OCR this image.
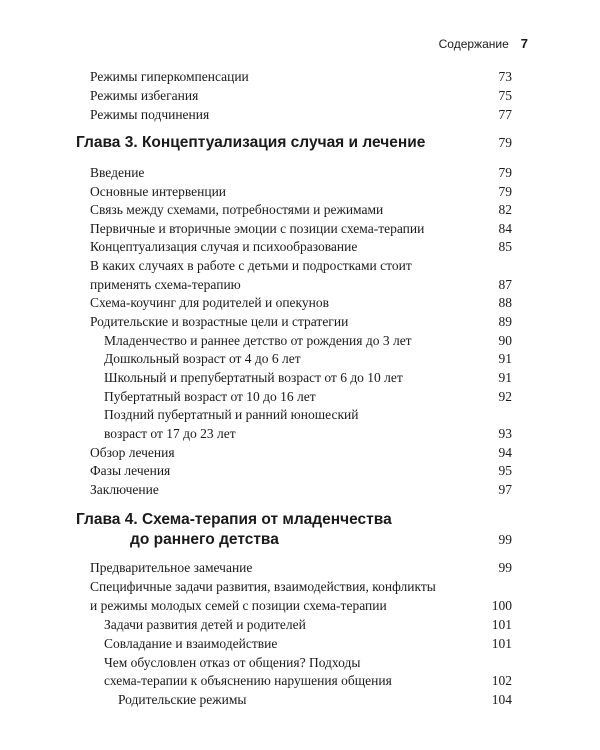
Содержание 7
Режимы гиперкомпенсации	73
Режимы избегания	75
Режимы подчинения	77
Глава 3. Концептуализация случая и лечение	79
Введение	79
Основные интервенции	79
Связь между схемами, потребностями и режимами	82
Первичные и вторичные эмоции с позиции схема-терапии	84
Концептуализация случая и психообразование	85
В каких случаях в работе с детьми и подростками стоит
применять схема-терапию	87
Схема-коучинг для родителей и опекунов	88
Родительские и возрастные цели и стратегии	89
Младенчество и раннее детство от рождения до 3 лет	90
Дошкольный возраст от 4 до 6 лет	91
Школьный и препубертатный возраст от 6 до 10 лет	91
Пубертатный возраст от 10 до 16 лет	92
Поздний пубертатный и ранний юношеский
возраст от 17 до 23 лет	93
Обзор лечения	94
Фазы лечения	95
Заключение	97
Глава 4. Схема-терапия от младенчества
до раннего детства	99
Предварительное замечание	99
Специфичные задачи развития, взаимодействия, конфликты
и режимы молодых семей с позиции схема-терапии	100
Задачи развития детей и родителей	101
Совладание и взаимодействие	101
Чем обусловлен отказ от общения? Подходы
схема-терапии к объяснению нарушения общения	102
Родительские режимы	104
